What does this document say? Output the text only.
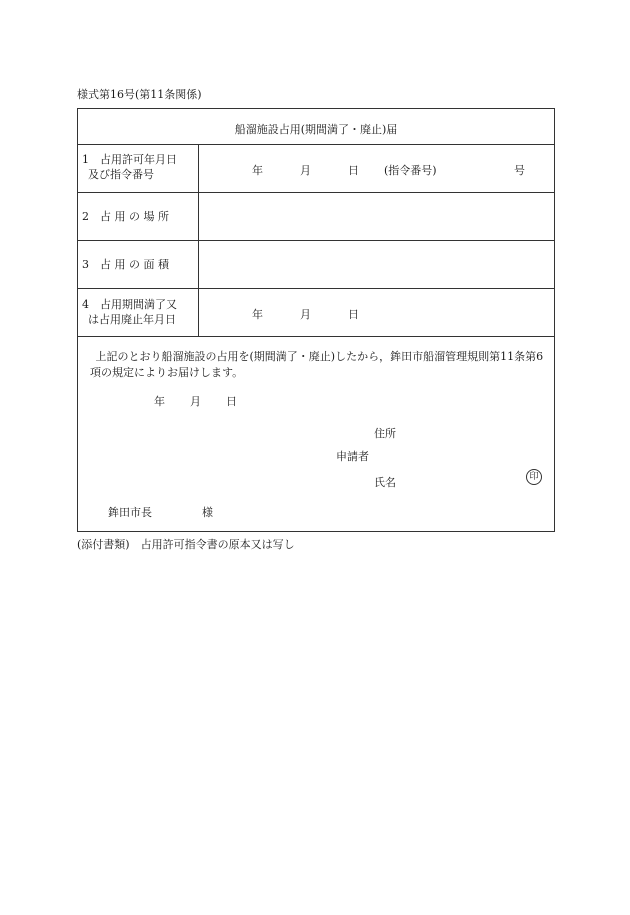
様式第16号(第11条関係)
船溜施設占用(期間満了・廃止)届
1　占用許可年月日
及び指令番号	年	月	日 (指令番号)	号
2　占 用 の 場 所
3　占 用 の 面 積
4　占用期間満了又
は占用廃止年月日	年	月	日
上記のとおり船溜施設の占用を(期間満了・廃止)したから，鉾田市船溜管理規則第11条第6項の規定によりお届けします。
年 月 日
住所
申請者
氏名	印
鉾田市長	様
(添付書類)　占用許可指令書の原本又は写し
